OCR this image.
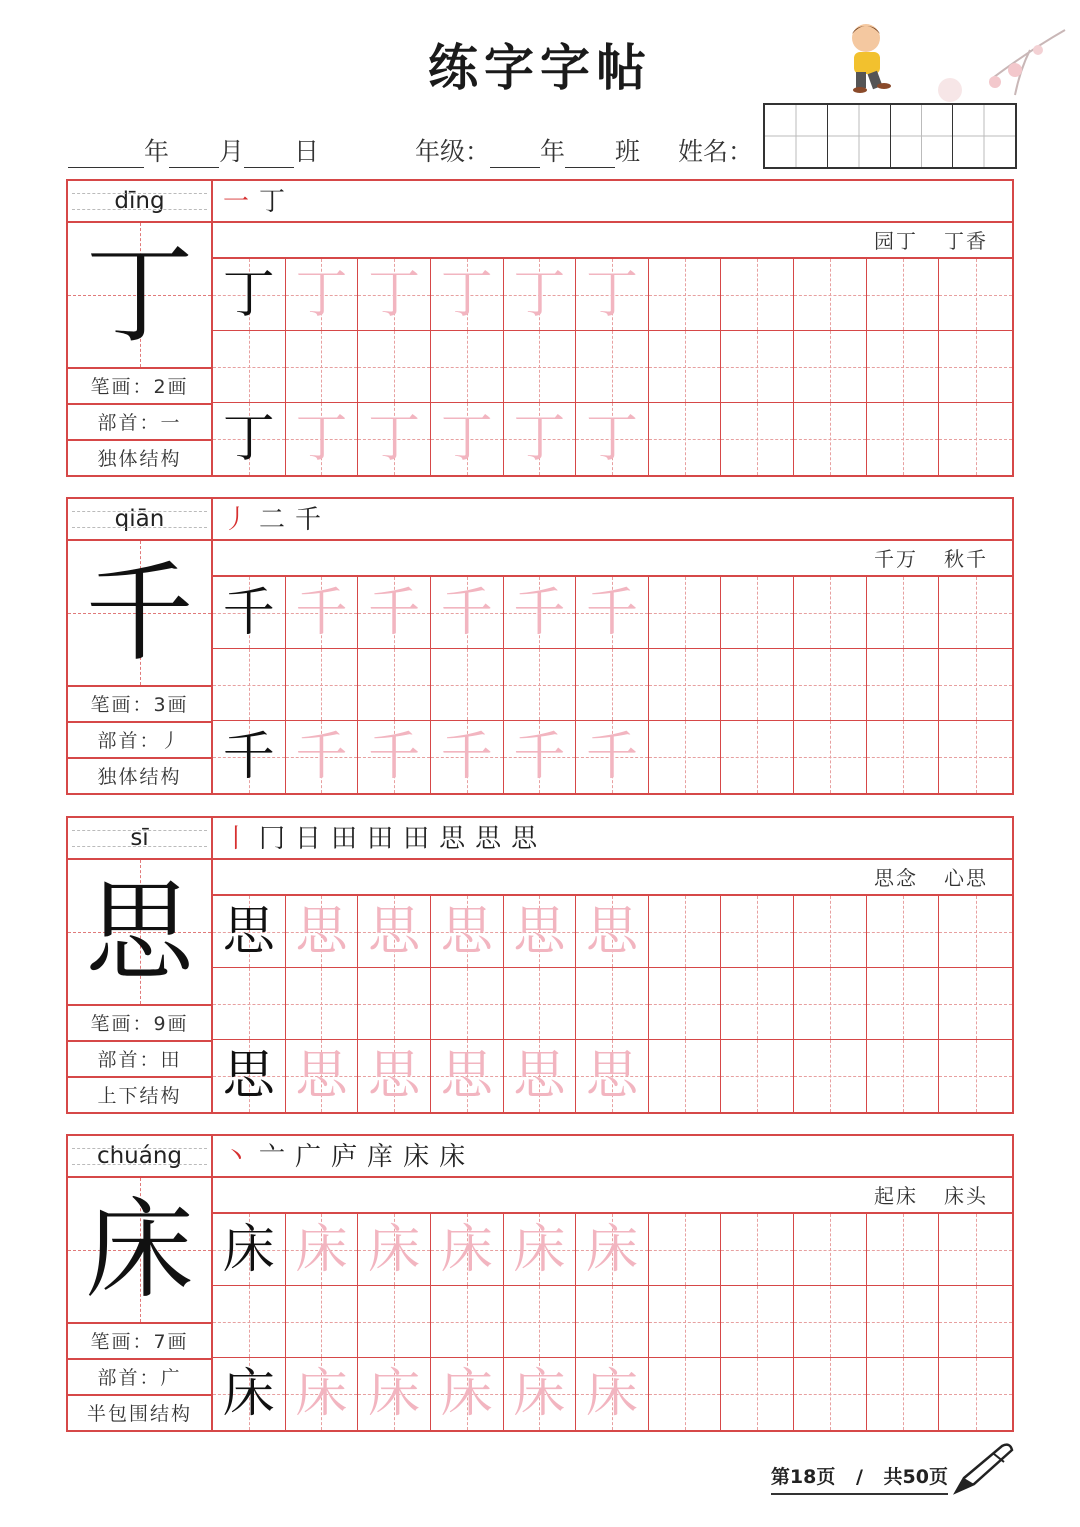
练字字帖
年 月 日	年级： 年 班 姓名：
dīng
丁
笔画：2画
部首：一
独体结构
一丁
园丁 丁香
丁 丁 丁 丁 丁 丁
丁 丁 丁 丁 丁 丁
qiān
千
笔画：3画
部首：丿
独体结构
丿二千
千万 秋千
千 千 千 千 千 千
千 千 千 千 千 千
sī
思
笔画：9画
部首：田
上下结构
丨冂日田田田思思思
思念 心思
思 思 思 思 思 思
思 思 思 思 思 思
chuáng
床
笔画：7画
部首：广
半包围结构
丶亠广庐庠床床
起床 床头
床 床 床 床 床 床
床 床 床 床 床 床
第18页 / 共50页
